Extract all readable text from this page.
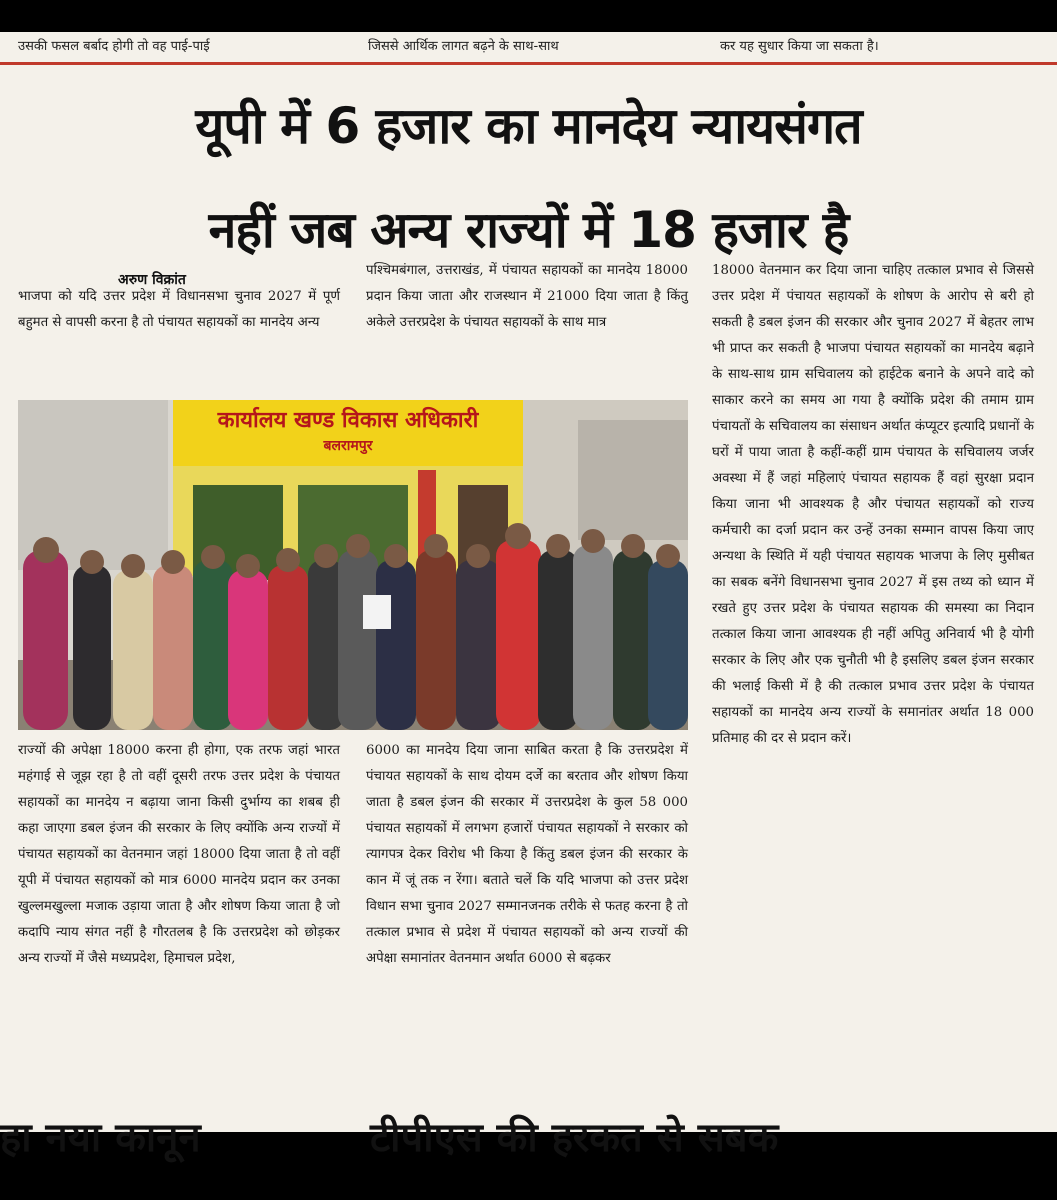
उसकी फसल बर्बाद होगी तो वह पाई-पाई	जिससे आर्थिक लागत बढ़ने के साथ-साथ	कर यह सुधार किया जा सकता है।
यूपी में 6 हजार का मानदेय न्यायसंगत
नहीं जब अन्य राज्यों में 18 हजार है
अरुण विक्रांत
भाजपा को यदि उत्तर प्रदेश में विधानसभा चुनाव 2027 में पूर्ण बहुमत से वापसी करना है तो पंचायत सहायकों का मानदेय अन्य
पश्चिमबंगाल, उत्तराखंड, में पंचायत सहायकों का मानदेय 18000 प्रदान किया जाता और राजस्थान में 21000 दिया जाता है किंतु अकेले उत्तरप्रदेश के पंचायत सहायकों के साथ मात्र
18000 वेतनमान कर दिया जाना चाहिए तत्काल प्रभाव से जिससे उत्तर प्रदेश में पंचायत सहायकों के शोषण के आरोप से बरी हो सकती है डबल इंजन की सरकार और चुनाव 2027 में बेहतर लाभ भी प्राप्त कर सकती है भाजपा पंचायत सहायकों का मानदेय बढ़ाने के साथ-साथ ग्राम सचिवालय को हाईटेक बनाने के अपने वादे को साकार करने का समय आ गया है क्योंकि प्रदेश की तमाम ग्राम पंचायतों के सचिवालय का संसाधन अर्थात कंप्यूटर इत्यादि प्रधानों के घरों में पाया जाता है कहीं-कहीं ग्राम पंचायत के सचिवालय जर्जर अवस्था में हैं जहां महिलाएं पंचायत सहायक हैं वहां सुरक्षा प्रदान किया जाना भी आवश्यक है और पंचायत सहायकों को राज्य कर्मचारी का दर्जा प्रदान कर उन्हें उनका सम्मान वापस किया जाए अन्यथा के स्थिति में यही पंचायत सहायक भाजपा के लिए मुसीबत का सबक बनेंगे विधानसभा चुनाव 2027 में इस तथ्य को ध्यान में रखते हुए उत्तर प्रदेश के पंचायत सहायक की समस्या का निदान तत्काल किया जाना आवश्यक ही नहीं अपितु अनिवार्य भी है योगी सरकार के लिए और एक चुनौती भी है इसलिए डबल इंजन सरकार की भलाई किसी में है की तत्काल प्रभाव उत्तर प्रदेश के पंचायत सहायकों का मानदेय अन्य राज्यों के समानांतर अर्थात 18 000 प्रतिमाह की दर से प्रदान करें।
कार्यालय खण्ड विकास अधिकारी
बलरामपुर
राज्यों की अपेक्षा 18000 करना ही होगा, एक तरफ जहां भारत महंगाई से जूझ रहा है तो वहीं दूसरी तरफ उत्तर प्रदेश के पंचायत सहायकों का मानदेय न बढ़ाया जाना किसी दुर्भाग्य का शबब ही कहा जाएगा डबल इंजन की सरकार के लिए क्योंकि अन्य राज्यों में पंचायत सहायकों का वेतनमान जहां 18000 दिया जाता है तो वहीं यूपी में पंचायत सहायकों को मात्र 6000 मानदेय प्रदान कर उनका खुल्लमखुल्ला मजाक उड़ाया जाता है और शोषण किया जाता है जो कदापि न्याय संगत नहीं है गौरतलब है कि उत्तरप्रदेश को छोड़कर अन्य राज्यों में जैसे मध्यप्रदेश, हिमाचल प्रदेश,
6000 का मानदेय दिया जाना साबित करता है कि उत्तरप्रदेश में पंचायत सहायकों के साथ दोयम दर्जे का बरताव और शोषण किया जाता है डबल इंजन की सरकार में उत्तरप्रदेश के कुल 58 000 पंचायत सहायकों में लगभग हजारों पंचायत सहायकों ने सरकार को त्यागपत्र देकर विरोध भी किया है किंतु डबल इंजन की सरकार के कान में जूं तक न रेंगा। बताते चलें कि यदि भाजपा को उत्तर प्रदेश विधान सभा चुनाव 2027 सम्मानजनक तरीके से फतह करना है तो तत्काल प्रभाव से प्रदेश में पंचायत सहायकों को अन्य राज्यों की अपेक्षा समानांतर वेतनमान अर्थात 6000 से बढ़कर
हा नया कानून	टीपीएस की हरकत से सबक
